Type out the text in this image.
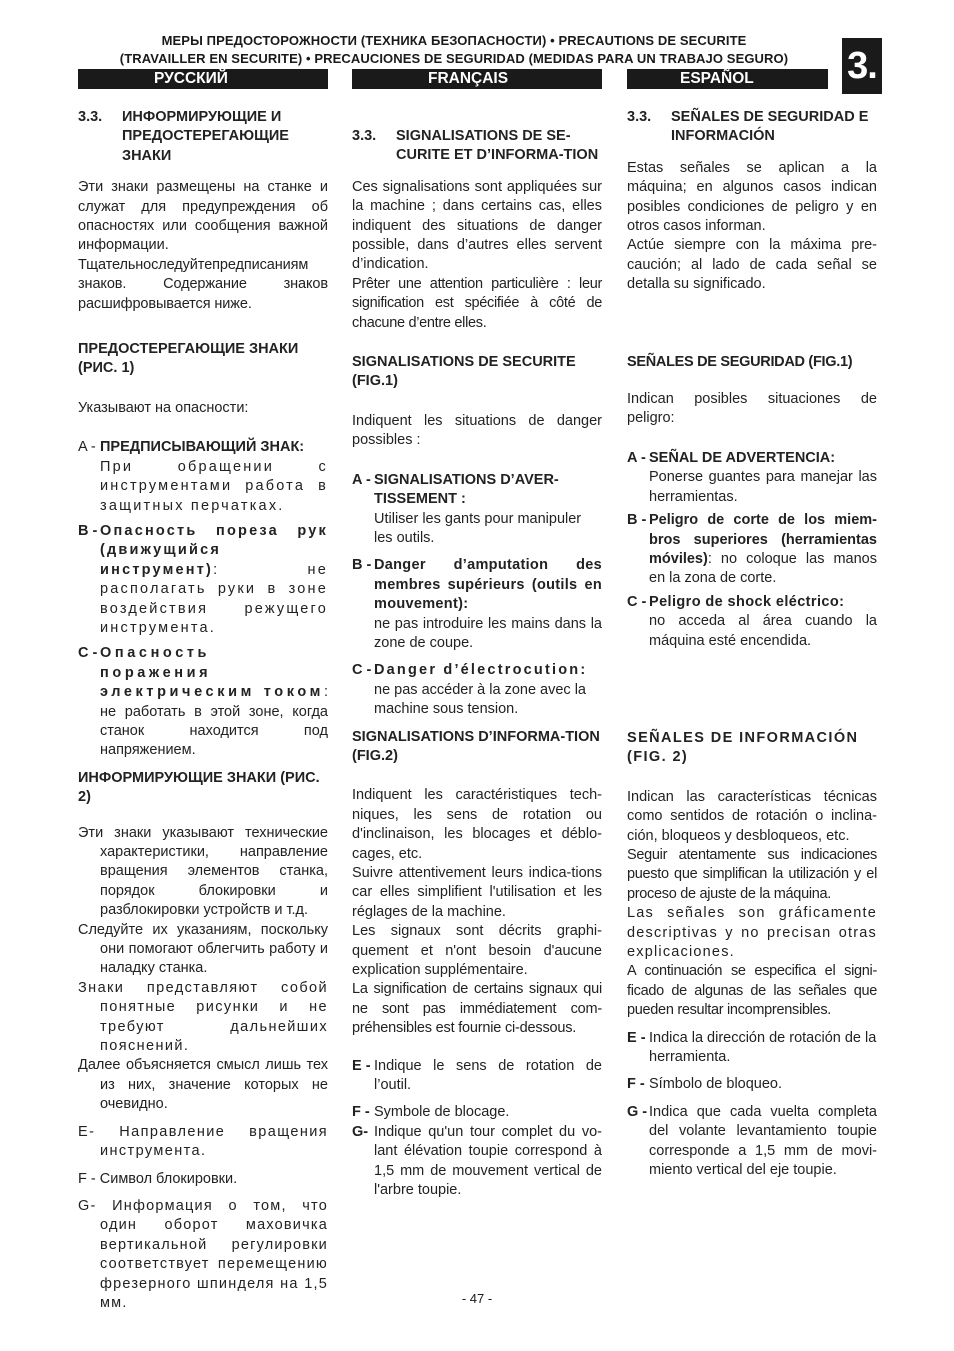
МЕРЫ ПРЕДОСТОРОЖНОСТИ (ТЕХНИКА БЕЗОПАСНОСТИ) • PRECAUTIONS DE SECURITE
(TRAVAILLER EN SECURITE) • PRECAUCIONES DE SEGURIDAD (MEDIDAS PARA UN TRABAJO SEGURO)	3.
РУССКИЙ	FRANÇAIS	ESPAÑOL
3.3.	ИНФОРМИРУЮЩИЕ И ПРЕДОСТЕРЕГАЮЩИЕ ЗНАКИ

Эти знаки размещены на станке и служат для предупреждения об опасностях или сообщения важной информации.

Тщательноследуйтепредписаниям знаков. Содержание знаков расшифровывается ниже.

ПРЕДОСТЕРЕГАЮЩИЕ ЗНАКИ (РИС. 1)

Указывают на опасности:

A - ПРЕДПИСЫВАЮЩИЙ ЗНАК:

При обращении с инструментами работа в защитных перчатках.
B - Опасность пореза рук (движущийся инструмент): не располагать руки в зоне воздействия режущего инструмента.
C - Опасность поражения электрическим током: не работать в этой зоне, когда станок находится под напряжением.

ИНФОРМИРУЮЩИЕ ЗНАКИ (РИС. 2)

Эти знаки указывают технические характеристики, направление вращения элементов станка, порядок блокировки и разблокировки устройств и т.д.

Следуйте их указаниям, поскольку они помогают облегчить работу и наладку станка.

Знаки представляют собой понятные рисунки и не требуют дальнейших пояснений.

Далее объясняется смысл лишь тех из них, значение которых не очевидно.

E- Направление вращения инструмента.

F - Символ блокировки.

G- Информация о том, что один оборот маховичка вертикальной регулировки соответствует перемещению фрезерного шпинделя на 1,5 мм.

3.3.	SIGNALISATIONS DE SE-CURITE ET D’INFORMA-TION

Ces signalisations sont appliquées sur la machine ; dans certains cas, elles indiquent des situations de danger possible, dans d’autres elles servent d’indication.

Prêter une attention particulière : leur signification est spécifiée à côté de chacune d’entre elles.

SIGNALISATIONS DE SECURITE (FIG.1)

Indiquent les situations de danger possibles :

A - SIGNALISATIONS D’AVER-TISSEMENT :
Utiliser les gants pour manipuler les outils.
B - Danger d’amputation des membres supérieurs (outils en mouvement):
ne pas introduire les mains dans la zone de coupe.
C - Danger d’électrocution:
ne pas accéder à la zone avec la machine sous tension.

SIGNALISATIONS D’INFORMA-TION (FIG.2)

Indiquent les caractéristiques tech-niques, les sens de rotation ou d'inclinaison, les blocages et déblo-cages, etc.

Suivre attentivement leurs indica-tions car elles simplifient l'utilisation et les réglages de la machine.

Les signaux sont décrits graphi-quement et n'ont besoin d'aucune explication supplémentaire.

La signification de certains signaux qui ne sont pas immédiatement com-préhensibles est fournie ci-dessous.

E - Indique le sens de rotation de l’outil.
F - Symbole de blocage.
G- Indique qu'un tour complet du vo-lant élévation toupie correspond à 1,5 mm de mouvement vertical de l'arbre toupie.
3.3.	SEÑALES DE SEGURIDAD E INFORMACIÓN

Estas señales se aplican a la máquina; en algunos casos indican posibles condiciones de peligro y en otros casos informan.

Actúe siempre con la máxima pre-caución; al lado de cada señal se detalla su significado.

SEÑALES DE SEGURIDAD (FIG.1)

Indican posibles situaciones de peligro:

A - SEÑAL DE ADVERTENCIA:

Ponerse guantes para manejar las herramientas.
B - Peligro de corte de los miem-bros superiores (herramientas móviles): no coloque las manos en la zona de corte.
C - Peligro de shock eléctrico:
no acceda al área cuando la máquina esté encendida.

SEÑALES DE INFORMACIÓN (FIG. 2)

Indican las características técnicas como sentidos de rotación o inclina-ción, bloqueos y desbloqueos, etc.

Seguir atentamente sus indicaciones puesto que simplifican la utilización y el proceso de ajuste de la máquina.

Las señales son gráficamente descriptivas y no precisan otras explicaciones.

A continuación se especifica el signi-ficado de algunas de las señales que pueden resultar incomprensibles.

E - Indica la dirección de rotación de la herramienta.
F - Símbolo de bloqueo.
G - Indica que cada vuelta completa del volante levantamiento toupie corresponde a 1,5 mm de movi-miento vertical del eje toupie.
- 47 -
